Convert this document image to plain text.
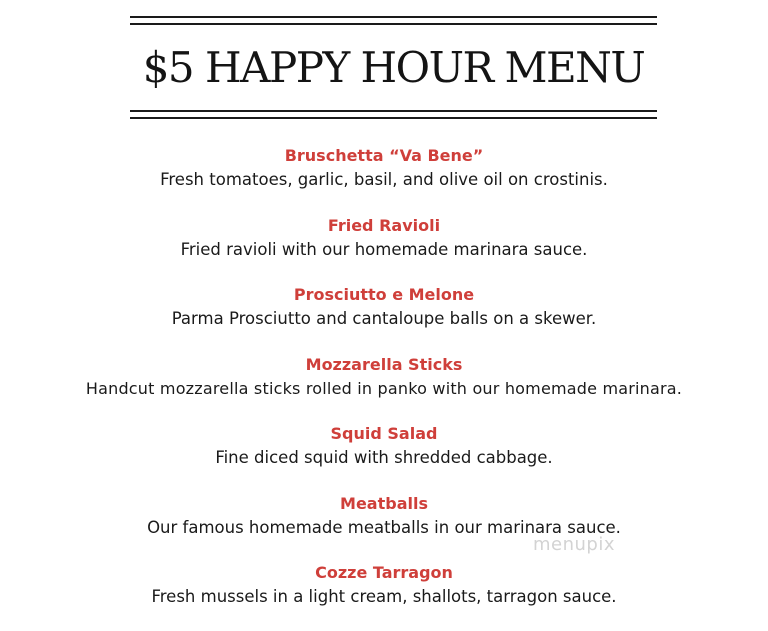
$5 HAPPY HOUR MENU
Bruschetta “Va Bene”
Fresh tomatoes, garlic, basil, and olive oil on crostinis.
Fried Ravioli
Fried ravioli with our homemade marinara sauce.
Prosciutto e Melone
Parma Prosciutto and cantaloupe balls on a skewer.
Mozzarella Sticks
Handcut mozzarella sticks rolled in panko with our homemade marinara.
Squid Salad
Fine diced squid with shredded cabbage.
Meatballs
Our famous homemade meatballs in our marinara sauce.
Cozze Tarragon
Fresh mussels in a light cream, shallots, tarragon sauce.
menupix
